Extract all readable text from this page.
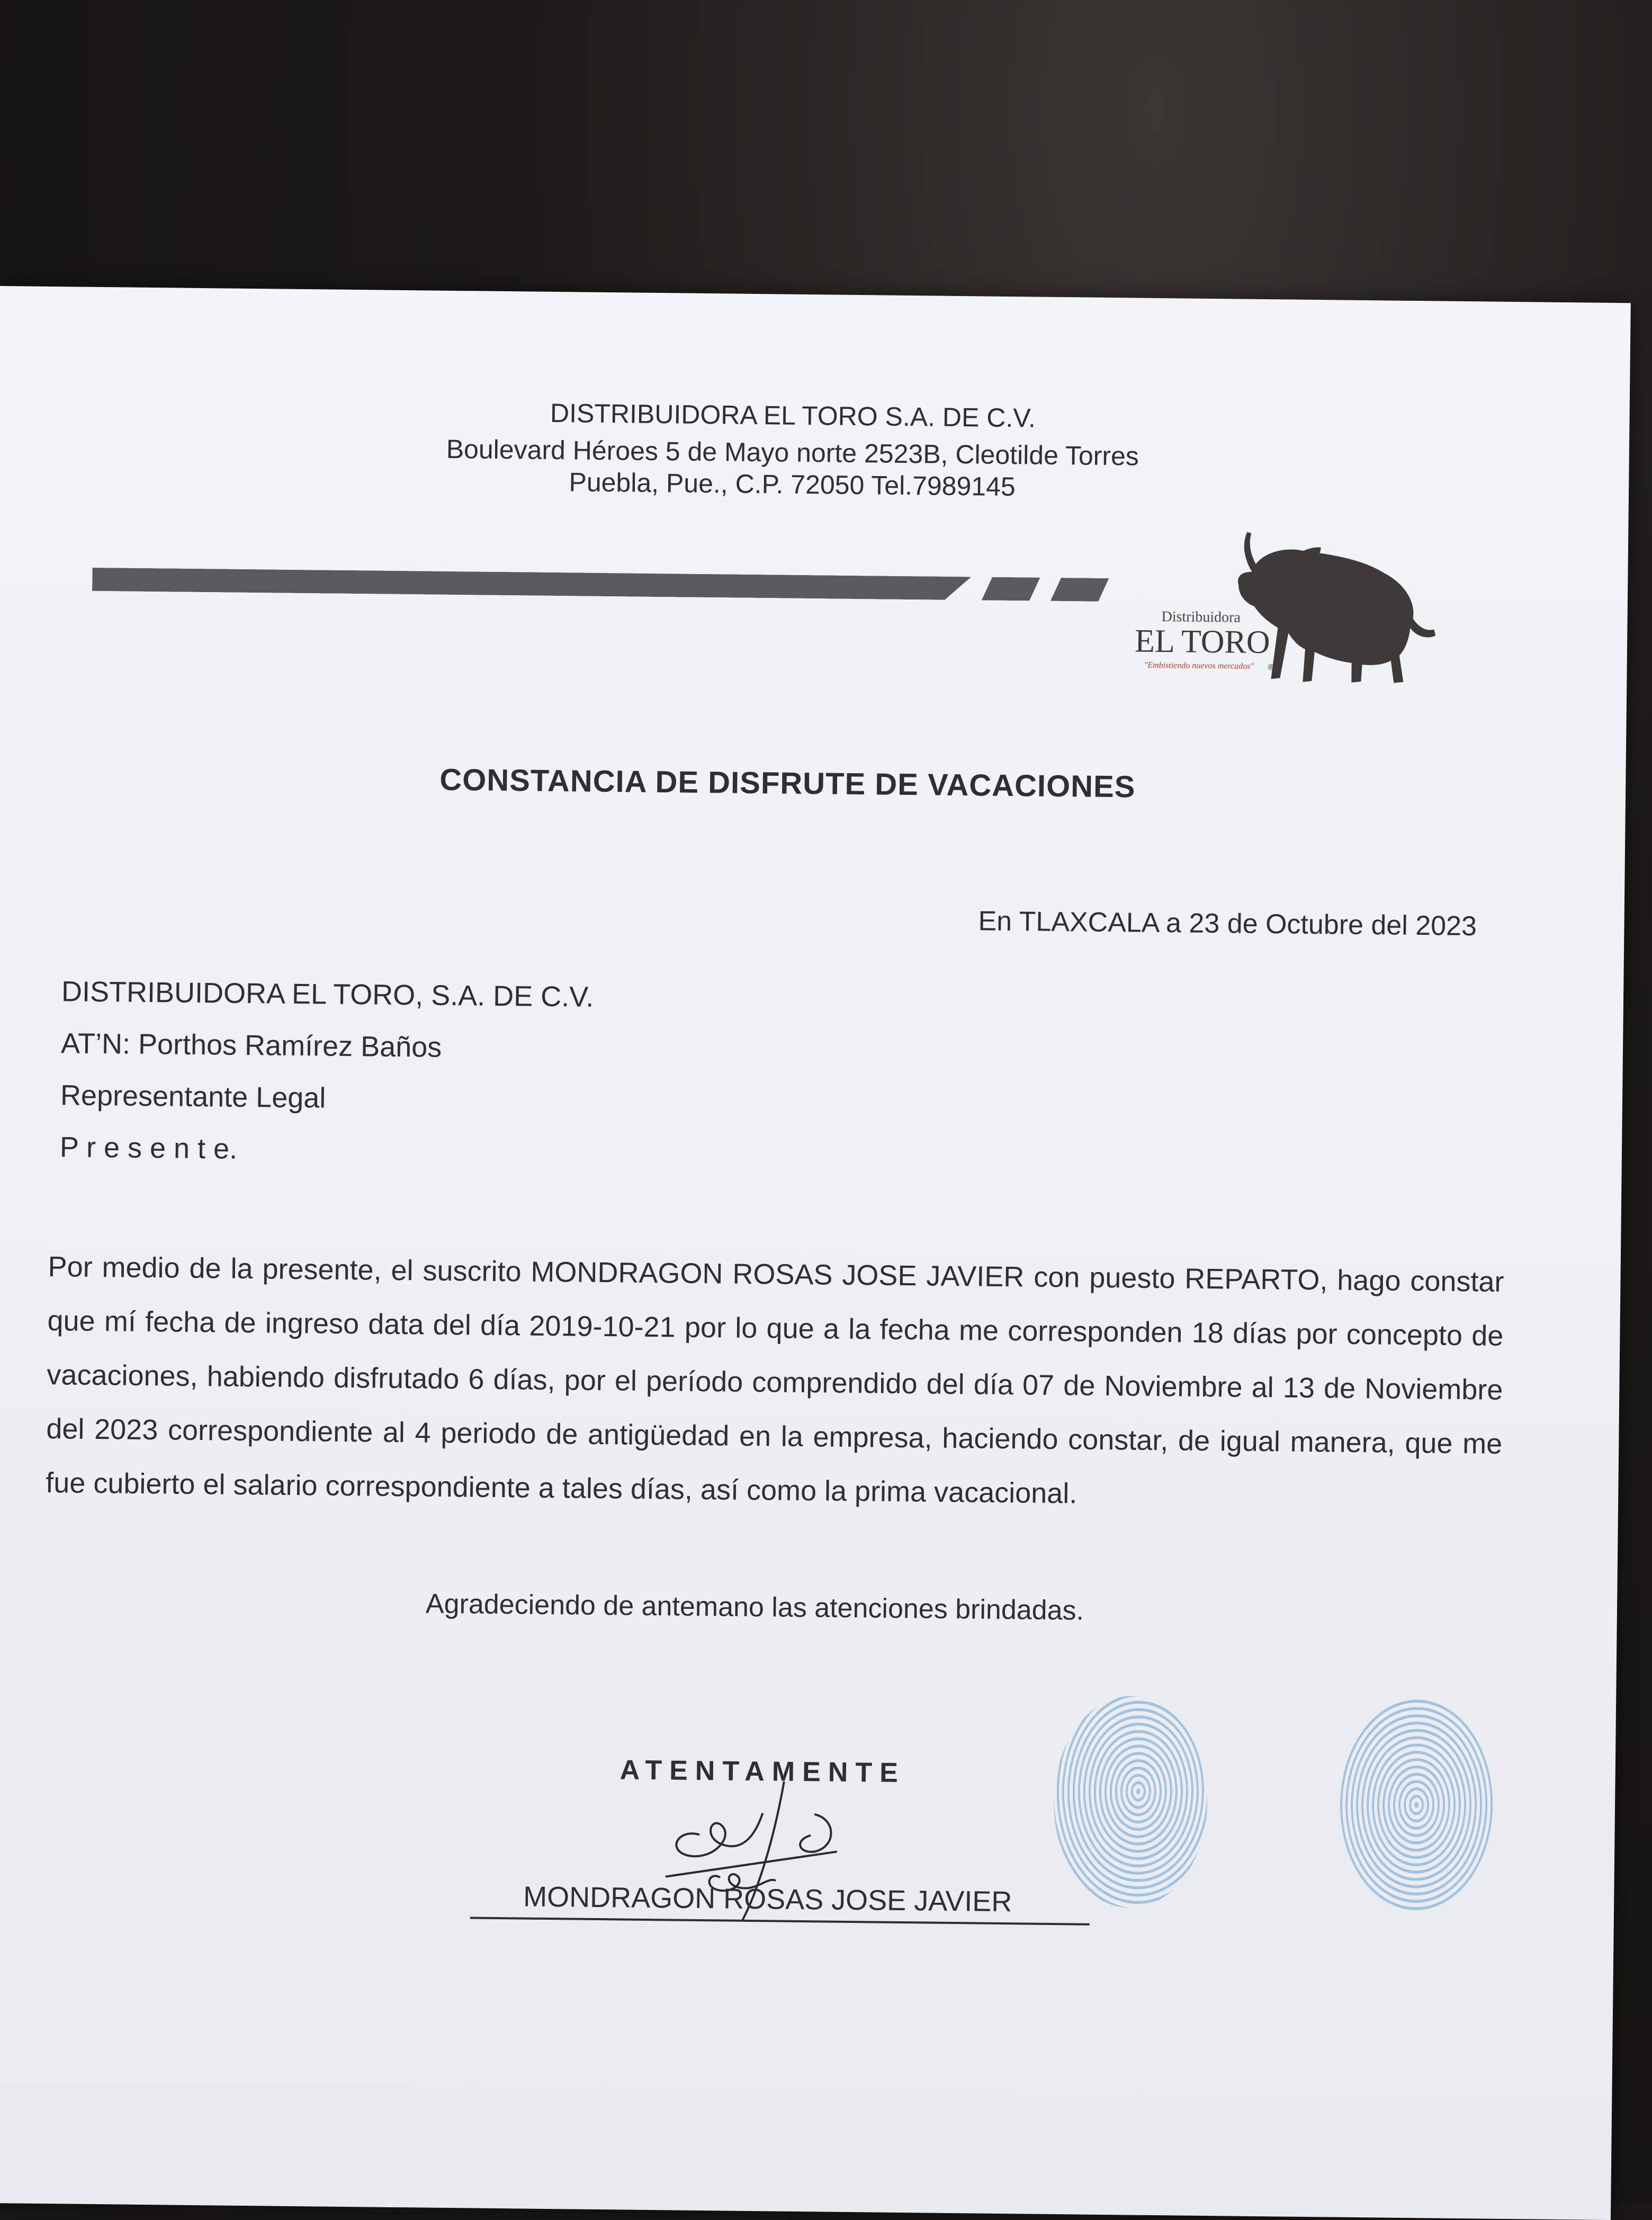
DISTRIBUIDORA EL TORO S.A. DE C.V.
Boulevard Héroes 5 de Mayo norte 2523B, Cleotilde Torres
Puebla, Pue., C.P. 72050 Tel.7989145
Distribuidora
EL TORO
"Embistiendo nuevos mercados" ®
CONSTANCIA DE DISFRUTE DE VACACIONES
En TLAXCALA a 23 de Octubre del 2023
DISTRIBUIDORA EL TORO, S.A. DE C.V.
AT’N: Porthos Ramírez Baños
Representante Legal
P r e s e n t e.
Por medio de la presente, el suscrito MONDRAGON ROSAS JOSE JAVIER con puesto REPARTO, hago constar que mí fecha de ingreso data del día 2019-10-21 por lo que a la fecha me corresponden 18 días por concepto de vacaciones, habiendo disfrutado 6 días, por el período comprendido del día 07 de Noviembre al 13 de Noviembre del 2023 correspondiente al 4 periodo de antigüedad en la empresa, haciendo constar, de igual manera, que me fue cubierto el salario correspondiente a tales días, así como la prima vacacional.
Agradeciendo de antemano las atenciones brindadas.
ATENTAMENTE
MONDRAGON ROSAS JOSE JAVIER
